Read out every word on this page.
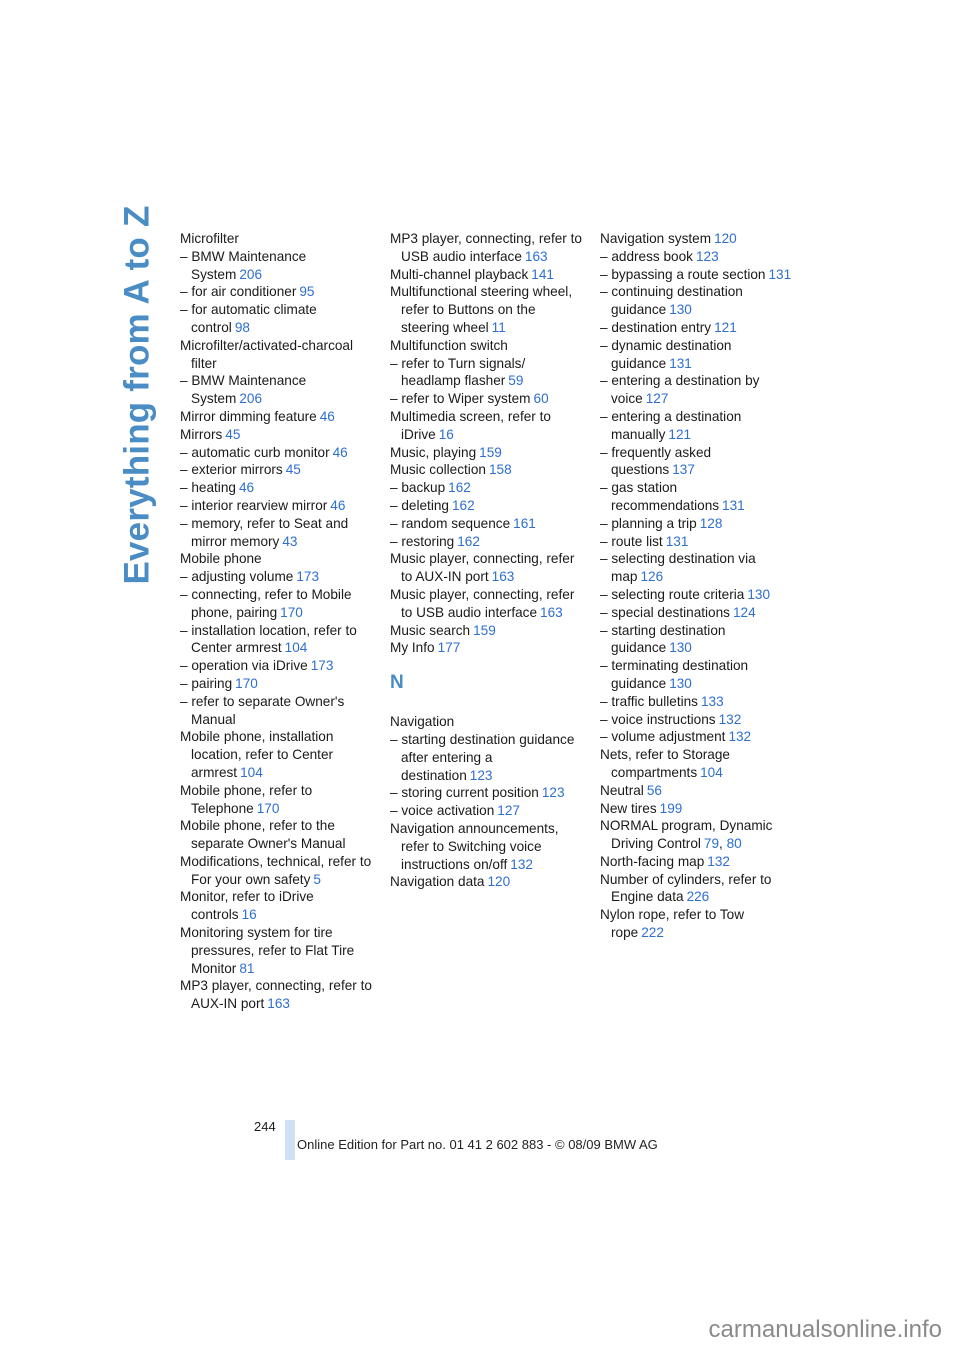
Everything from A to Z Microfilter
– BMW Maintenance System 206
– for air conditioner 95
– for automatic climate control 98
Microfilter/activated-charcoal filter
– BMW Maintenance System 206
Mirror dimming feature 46
Mirrors 45
– automatic curb monitor 46
– exterior mirrors 45
– heating 46
– interior rearview mirror 46
– memory, refer to Seat and mirror memory 43
Mobile phone
– adjusting volume 173
– connecting, refer to Mobile phone, pairing 170
– installation location, refer to Center armrest 104
– operation via iDrive 173
– pairing 170
– refer to separate Owner's Manual
Mobile phone, installation location, refer to Center armrest 104
Mobile phone, refer to Telephone 170
Mobile phone, refer to the separate Owner's Manual
Modifications, technical, refer to For your own safety 5
Monitor, refer to iDrive controls 16
Monitoring system for tire pressures, refer to Flat Tire Monitor 81
MP3 player, connecting, refer to AUX-IN port 163
MP3 player, connecting, refer to USB audio interface 163
Multi-channel playback 141
Multifunctional steering wheel, refer to Buttons on the steering wheel 11
Multifunction switch
– refer to Turn signals/ headlamp flasher 59
– refer to Wiper system 60
Multimedia screen, refer to iDrive 16
Music, playing 159
Music collection 158
– backup 162
– deleting 162
– random sequence 161
– restoring 162
Music player, connecting, refer to AUX-IN port 163
Music player, connecting, refer to USB audio interface 163
Music search 159
My Info 177
N
Navigation
– starting destination guidance after entering a destination 123
– storing current position 123
– voice activation 127
Navigation announcements, refer to Switching voice instructions on/off 132
Navigation data 120
Navigation system 120
– address book 123
– bypassing a route section 131
– continuing destination guidance 130
– destination entry 121
– dynamic destination guidance 131
– entering a destination by voice 127
– entering a destination manually 121
– frequently asked questions 137
– gas station recommendations 131
– planning a trip 128
– route list 131
– selecting destination via map 126
– selecting route criteria 130
– special destinations 124
– starting destination guidance 130
– terminating destination guidance 130
– traffic bulletins 133
– voice instructions 132
– volume adjustment 132
Nets, refer to Storage compartments 104
Neutral 56
New tires 199
NORMAL program, Dynamic Driving Control 79, 80
North-facing map 132
Number of cylinders, refer to Engine data 226
Nylon rope, refer to Tow rope 222
244
Online Edition for Part no. 01 41 2 602 883 - © 08/09 BMW AG
carmanualsonline.info
